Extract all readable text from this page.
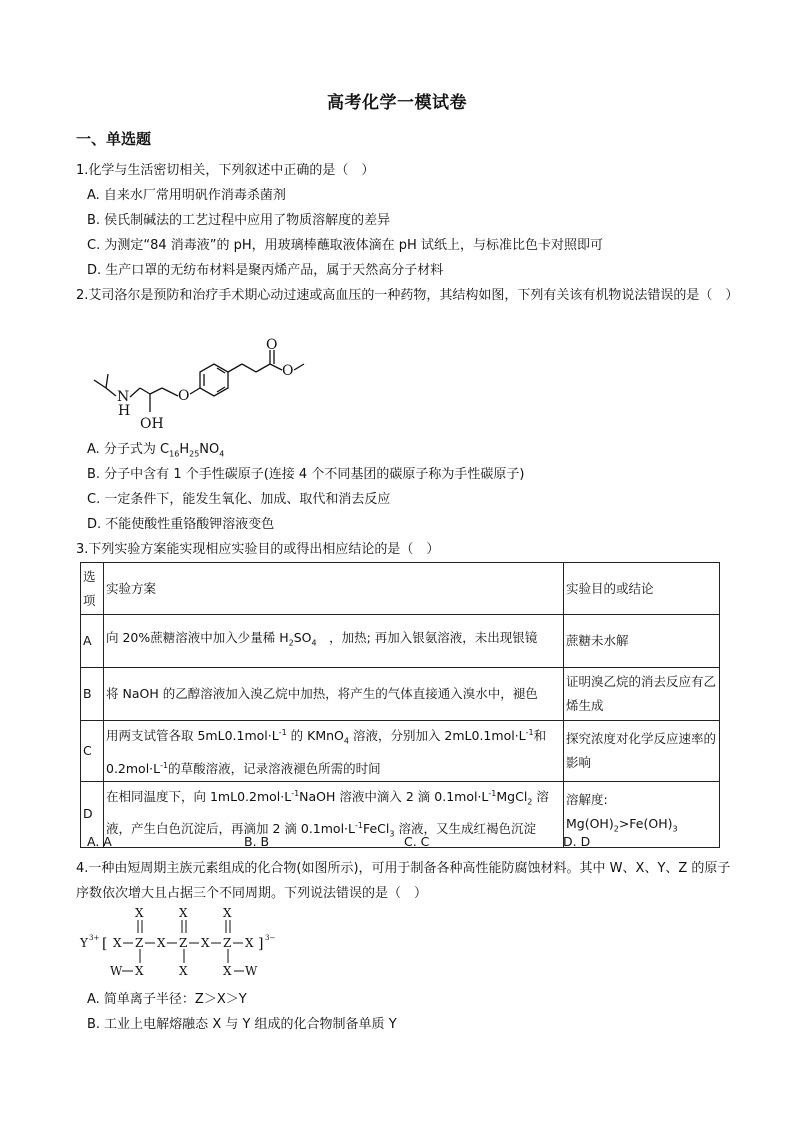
高考化学一模试卷
一、单选题
1.化学与生活密切相关，下列叙述中正确的是（　）
A. 自来水厂常用明矾作消毒杀菌剂
B. 侯氏制碱法的工艺过程中应用了物质溶解度的差异
C. 为测定“84 消毒液”的 pH，用玻璃棒蘸取液体滴在 pH 试纸上，与标准比色卡对照即可
D. 生产口罩的无纺布材料是聚丙烯产品，属于天然高分子材料
2.艾司洛尔是预防和治疗手术期心动过速或高血压的一种药物，其结构如图，下列有关该有机物说法错误的是（　）
N
H
OH
O
O
O
A. 分子式为 $C_{16}H_{25}NO_4$
B. 分子中含有 1 个手性碳原子(连接 4 个不同基团的碳原子称为手性碳原子)
C. 一定条件下，能发生氧化、加成、取代和消去反应
D. 不能使酸性重铬酸钾溶液变色
3.下列实验方案能实现相应实验目的或得出相应结论的是（　）
选项	实验方案	实验目的或结论
A	向 20%蔗糖溶液中加入少量稀 $H_2SO_4$　，加热; 再加入银氨溶液，未出现银镜	蔗糖未水解
B	将 NaOH 的乙醇溶液加入溴乙烷中加热，将产生的气体直接通入溴水中，褪色	证明溴乙烷的消去反应有乙烯生成
C	用两支试管各取 $5mL0.1mol\cdot L^{-1}$ 的 KMnO$_4$ 溶液，分别加入 $2mL0.1mol\cdot L^{-1}$和 $0.2mol\cdot L^{-1}$的草酸溶液，记录溶液褪色所需的时间	探究浓度对化学反应速率的影响
D	在相同温度下，向 $1mL0.2mol\cdot L^{-1}NaOH$ 溶液中滴入 2 滴 $0.1mol\cdot L^{-1}MgCl_2$ 溶液，产生白色沉淀后，再滴加 2 滴 $0.1mol\cdot L^{-1}FeCl_3$ 溶液，又生成红褐色沉淀	溶解度: $Mg(OH)_2>Fe(OH)_3$
A. A	B. B	C. C	D. D
4.一种由短周期主族元素组成的化合物(如图所示)，可用于制备各种高性能防腐蚀材料。其中 W、X、Y、Z 的原子序数依次增大且占据三个不同周期。下列说法错误的是（　）
Y 3+ [ X Z X Z X Z X ] 3−
X	X	X
W X	X	X W
A. 简单离子半径：Z＞X＞Y
B. 工业上电解熔融态 X 与 Y 组成的化合物制备单质 Y
